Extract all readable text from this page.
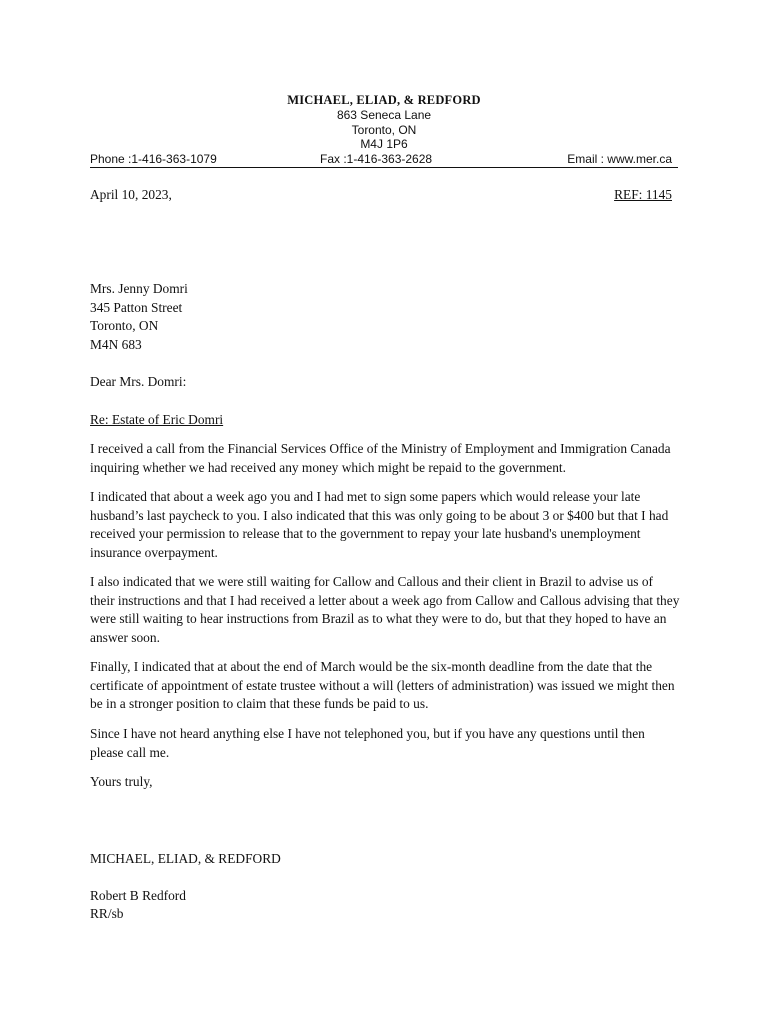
MICHAEL, ELIAD, & REDFORD
863 Seneca Lane
Toronto, ON
M4J 1P6
Phone :1-416-363-1079	Fax :1-416-363-2628	Email : www.mer.ca
April 10, 2023,	REF: 1145
Mrs. Jenny Domri
345 Patton Street
Toronto, ON
M4N 683
Dear Mrs. Domri:
Re: Estate of Eric Domri
I received a call from the Financial Services Office of the Ministry of Employment and Immigration Canada inquiring whether we had received any money which might be repaid to the government.
I indicated that about a week ago you and I had met to sign some papers which would release your late husband’s last paycheck to you. I also indicated that this was only going to be about 3 or $400 but that I had received your permission to release that to the government to repay your late husband's unemployment insurance overpayment.
I also indicated that we were still waiting for Callow and Callous and their client in Brazil to advise us of their instructions and that I had received a letter about a week ago from Callow and Callous advising that they were still waiting to hear instructions from Brazil as to what they were to do, but that they hoped to have an answer soon.
Finally, I indicated that at about the end of March would be the six-month deadline from the date that the certificate of appointment of estate trustee without a will (letters of administration) was issued we might then be in a stronger position to claim that these funds be paid to us.
Since I have not heard anything else I have not telephoned you, but if you have any questions until then please call me.
Yours truly,
MICHAEL, ELIAD, & REDFORD
Robert B Redford
RR/sb
